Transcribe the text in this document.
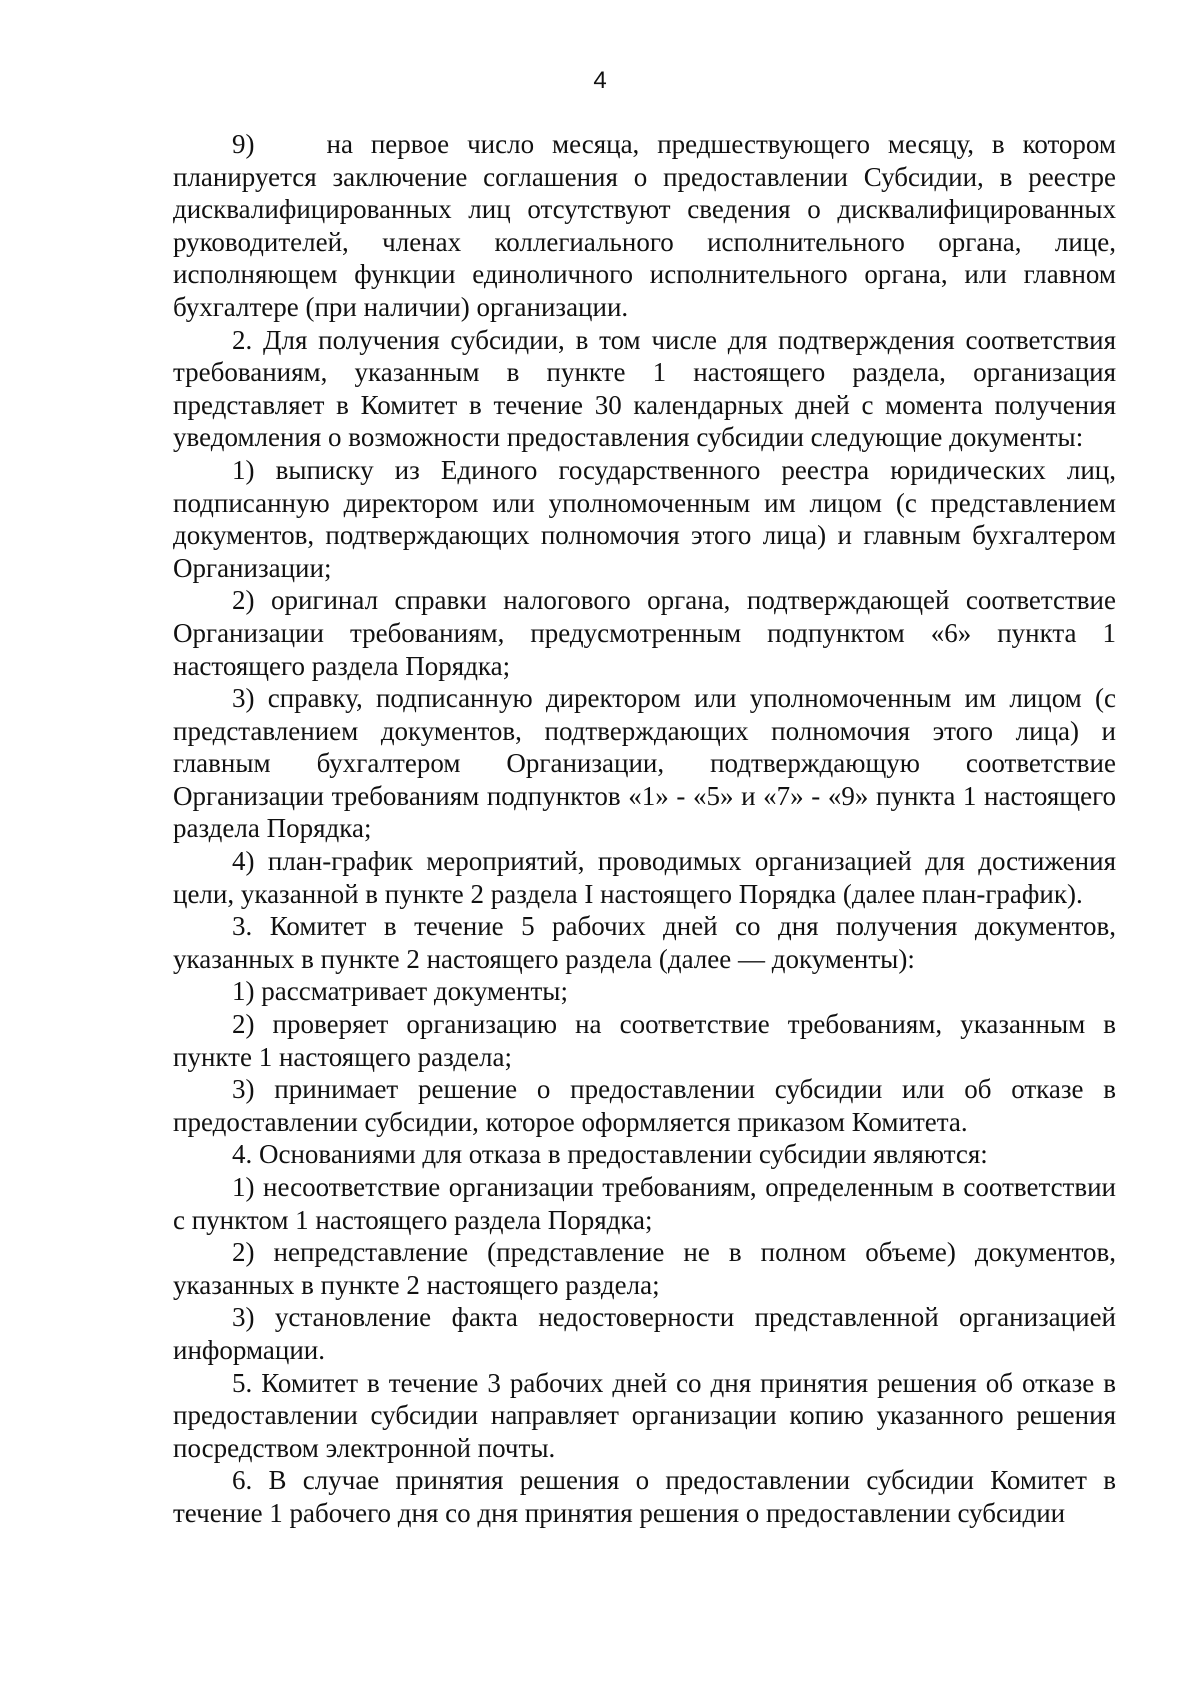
4

9)	на первое число месяца, предшествующего месяцу, в котором планируется заключение соглашения о предоставлении Субсидии, в реестре дисквалифицированных лиц отсутствуют сведения о дисквалифицированных руководителей, членах коллегиального исполнительного органа, лице, исполняющем функции единоличного исполнительного органа, или главном бухгалтере (при наличии) организации.

2. Для получения субсидии, в том числе для подтверждения соответствия требованиям, указанным в пункте 1 настоящего раздела, организация представляет в Комитет в течение 30 календарных дней с момента получения уведомления о возможности предоставления субсидии следующие документы:

1) выписку из Единого государственного реестра юридических лиц, подписанную директором или уполномоченным им лицом (с представлением документов, подтверждающих полномочия этого лица) и главным бухгалтером Организации;

2) оригинал справки налогового органа, подтверждающей соответствие Организации требованиям, предусмотренным подпунктом «6» пункта 1 настоящего раздела Порядка;

3) справку, подписанную директором или уполномоченным им лицом (с представлением документов, подтверждающих полномочия этого лица) и главным бухгалтером Организации, подтверждающую соответствие Организации требованиям подпунктов «1» - «5» и «7» - «9» пункта 1 настоящего раздела Порядка;

4) план-график мероприятий, проводимых организацией для достижения цели, указанной в пункте 2 раздела I настоящего Порядка (далее план-график).

3. Комитет в течение 5 рабочих дней со дня получения документов, указанных в пункте 2 настоящего раздела (далее — документы):

1) рассматривает документы;

2) проверяет организацию на соответствие требованиям, указанным в пункте 1 настоящего раздела;

3) принимает решение о предоставлении субсидии или об отказе в предоставлении субсидии, которое оформляется приказом Комитета.

4. Основаниями для отказа в предоставлении субсидии являются:

1) несоответствие организации требованиям, определенным в соответствии с пунктом 1 настоящего раздела Порядка;

2) непредставление (представление не в полном объеме) документов, указанных в пункте 2 настоящего раздела;

3) установление факта недостоверности представленной организацией информации.

5. Комитет в течение 3 рабочих дней со дня принятия решения об отказе в предоставлении субсидии направляет организации копию указанного решения посредством электронной почты.

6. В случае принятия решения о предоставлении субсидии Комитет в течение 1 рабочего дня со дня принятия решения о предоставлении субсидии
